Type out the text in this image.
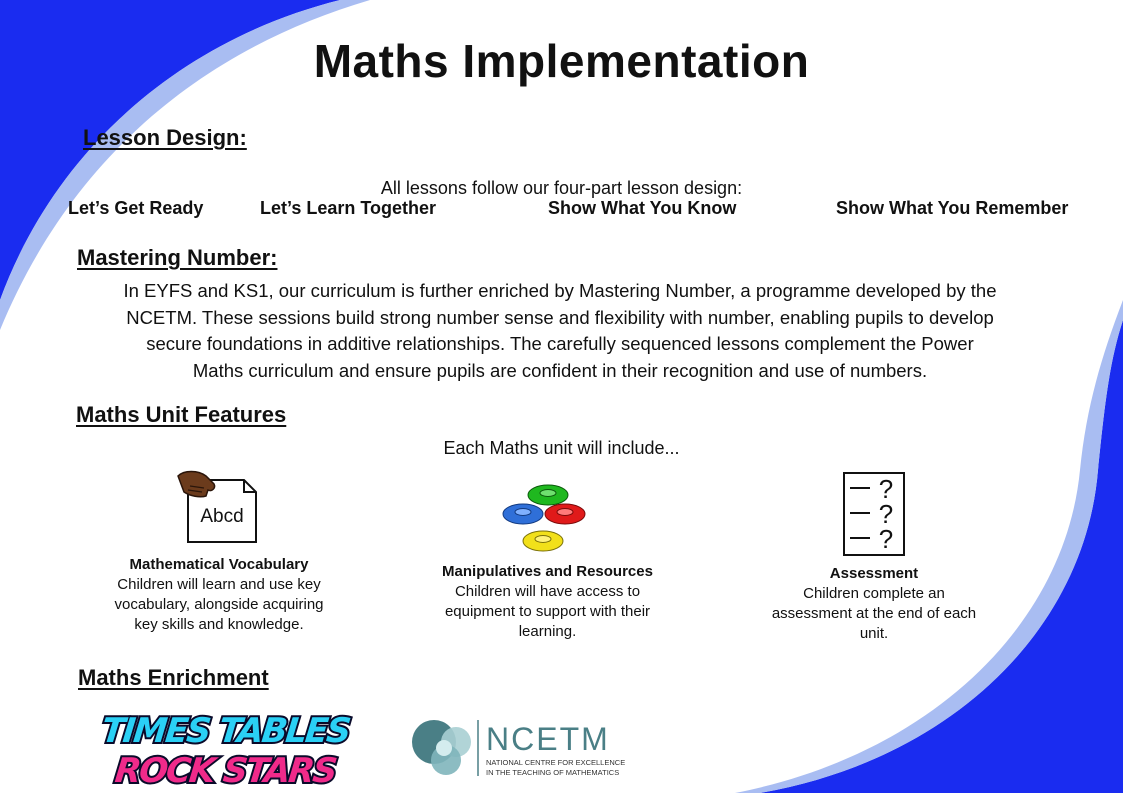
Maths Implementation
Lesson Design:
All lessons follow our four-part lesson design:
Let’s Get Ready	Let’s Learn Together	Show What You Know	Show What You Remember
Mastering Number:
In EYFS and KS1, our curriculum is further enriched by Mastering Number, a programme developed by the
NCETM. These sessions build strong number sense and flexibility with number, enabling pupils to develop
secure foundations in additive relationships. The carefully sequenced lessons complement the Power
Maths curriculum and ensure pupils are confident in their recognition and use of numbers.
Maths Unit Features
Each Maths unit will include...
Abcd
?
?
?
Mathematical Vocabulary
Children will learn and use key
vocabulary, alongside acquiring
key skills and knowledge.
Manipulatives and Resources
Children will have access to
equipment to support with their
learning.
Assessment
Children complete an
assessment at the end of each
unit.
Maths Enrichment
TIMES TABLES
ROCK STARS
NCETM
NATIONAL CENTRE FOR EXCELLENCE
IN THE TEACHING OF MATHEMATICS
